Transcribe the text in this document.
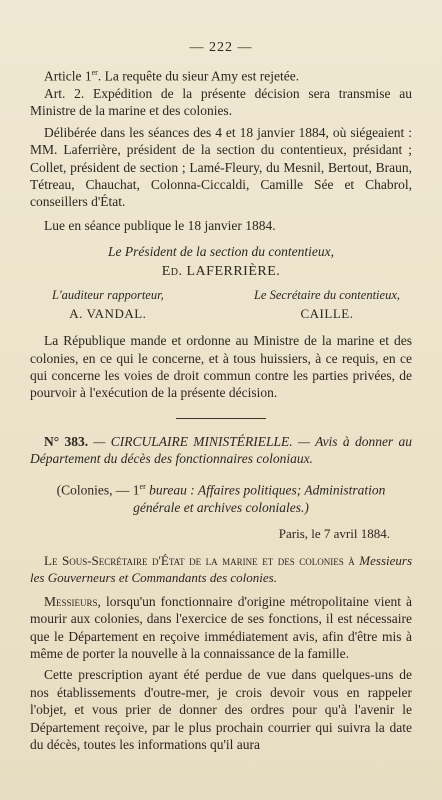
— 222 —

Article 1er. La requête du sieur Amy est rejetée.

Art. 2. Expédition de la présente décision sera transmise au Ministre de la marine et des colonies.

Délibérée dans les séances des 4 et 18 janvier 1884, où siégeaient : MM. Laferrière, président de la section du contentieux, présidant ; Collet, président de section ; Lamé-Fleury, du Mesnil, Bertout, Braun, Tétreau, Chauchat, Colonna-Ciccaldi, Camille Sée et Chabrol, conseillers d'État.

Lue en séance publique le 18 janvier 1884.

Le Président de la section du contentieux,
Ed. LAFERRIÈRE.
L'auditeur rapporteur,
A. VANDAL.
Le Secrétaire du contentieux,
CAILLE.

La République mande et ordonne au Ministre de la marine et des colonies, en ce qui le concerne, et à tous huissiers, à ce requis, en ce qui concerne les voies de droit commun contre les parties privées, de pourvoir à l'exécution de la présente décision.

N° 383. — CIRCULAIRE MINISTÉRIELLE. — Avis à donner au Département du décès des fonctionnaires coloniaux.

(Colonies, — 1er bureau : Affaires politiques; Administration générale et archives coloniales.)
Paris, le 7 avril 1884.
Le Sous-Secrétaire d'État de la marine et des colonies à Messieurs les Gouverneurs et Commandants des colonies.

Messieurs, lorsqu'un fonctionnaire d'origine métropolitaine vient à mourir aux colonies, dans l'exercice de ses fonctions, il est nécessaire que le Département en reçoive immédiatement avis, afin d'être mis à même de porter la nouvelle à la connaissance de la famille.

Cette prescription ayant été perdue de vue dans quelques-uns de nos établissements d'outre-mer, je crois devoir vous en rappeler l'objet, et vous prier de donner des ordres pour qu'à l'avenir le Département reçoive, par le plus prochain courrier qui suivra la date du décès, toutes les informations qu'il aura
